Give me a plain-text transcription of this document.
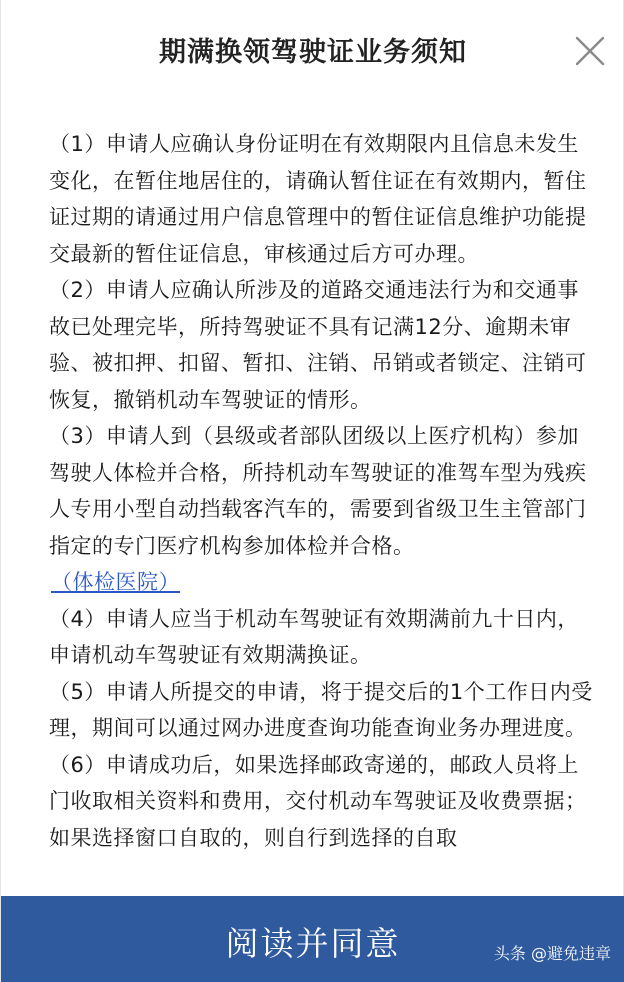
期满换领驾驶证业务须知

（1）申请人应确认身份证明在有效期限内且信息未发生变化，在暂住地居住的，请确认暂住证在有效期内，暂住证过期的请通过用户信息管理中的暂住证信息维护功能提交最新的暂住证信息，审核通过后方可办理。

（2）申请人应确认所涉及的道路交通违法行为和交通事故已处理完毕，所持驾驶证不具有记满12分、逾期未审验、被扣押、扣留、暂扣、注销、吊销或者锁定、注销可恢复，撤销机动车驾驶证的情形。

（3）申请人到（县级或者部队团级以上医疗机构）参加驾驶人体检并合格，所持机动车驾驶证的准驾车型为残疾人专用小型自动挡载客汽车的，需要到省级卫生主管部门指定的专门医疗机构参加体检并合格。

（体检医院）

（4）申请人应当于机动车驾驶证有效期满前九十日内，申请机动车驾驶证有效期满换证。

（5）申请人所提交的申请，将于提交后的1个工作日内受理，期间可以通过网办进度查询功能查询业务办理进度。

（6）申请成功后，如果选择邮政寄递的，邮政人员将上门收取相关资料和费用，交付机动车驾驶证及收费票据；如果选择窗口自取的，则自行到选择的自取

阅读并同意	头条 @避免违章
